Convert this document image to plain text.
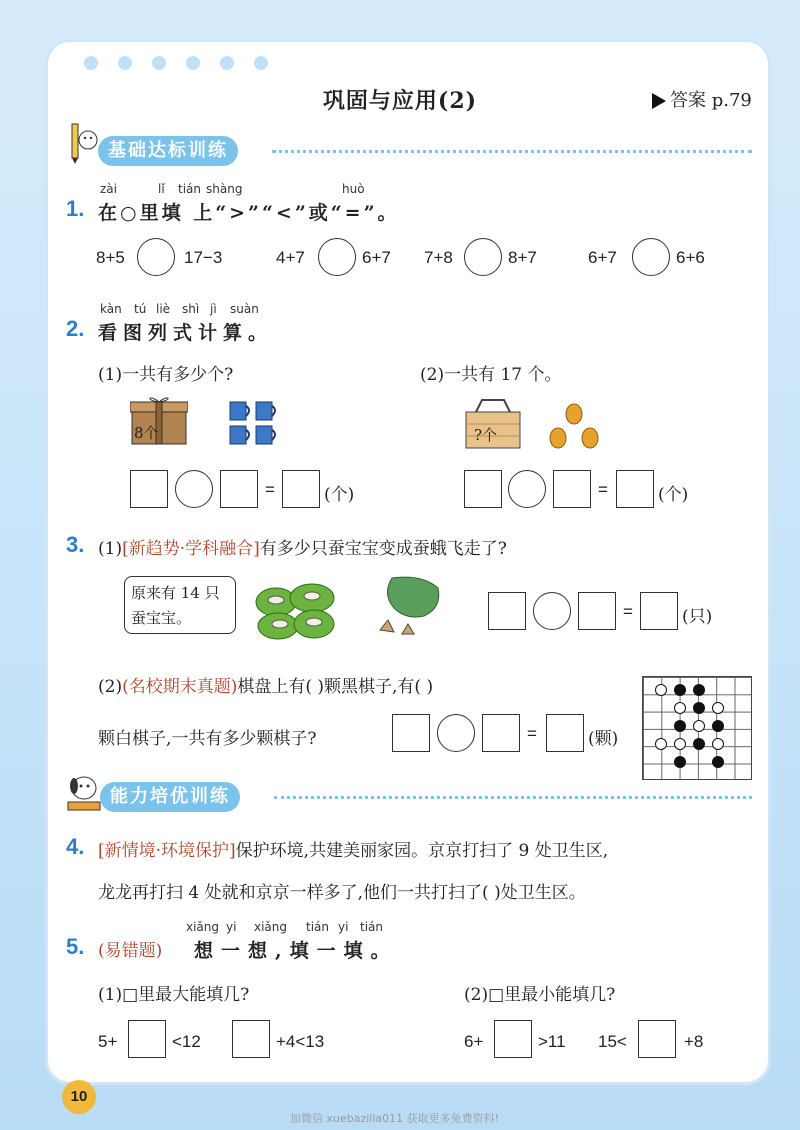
巩固与应用(2)	答案 p.79
基础达标训练
zài	lǐ tián shàng	huò
1. 在○里填 上“>”“<”或“=”。
8+5	17−3	4+7	6+7 7+8	8+7	6+7	6+6
kàn tú liè shì jì suàn
2. 看图列式计算。
(1)一共有多少个?	(2)一共有 17 个。
8个	?个
=	(个)	=	(个)
3. (1)[新趋势·学科融合]有多少只蚕宝宝变成蚕蛾飞走了?
原来有 14 只
蚕宝宝。	=	(只)
(2)(名校期末真题)棋盘上有( )颗黑棋子,有( )
颗白棋子,一共有多少颗棋子?	=	(颗)
能力培优训练
4. [新情境·环境保护]保护环境,共建美丽家园。京京打扫了 9 处卫生区,
龙龙再打扫 4 处就和京京一样多了,他们一共打扫了( )处卫生区。
xiǎng yi xiǎng tián yi tián
5. (易错题) 想一想,填一填。
(1)□里最大能填几?	(2)□里最小能填几?
5+	<12	+4<13	6+	>11 15<	+8
10
加微信 xuebazilia011 获取更多免费资料!
